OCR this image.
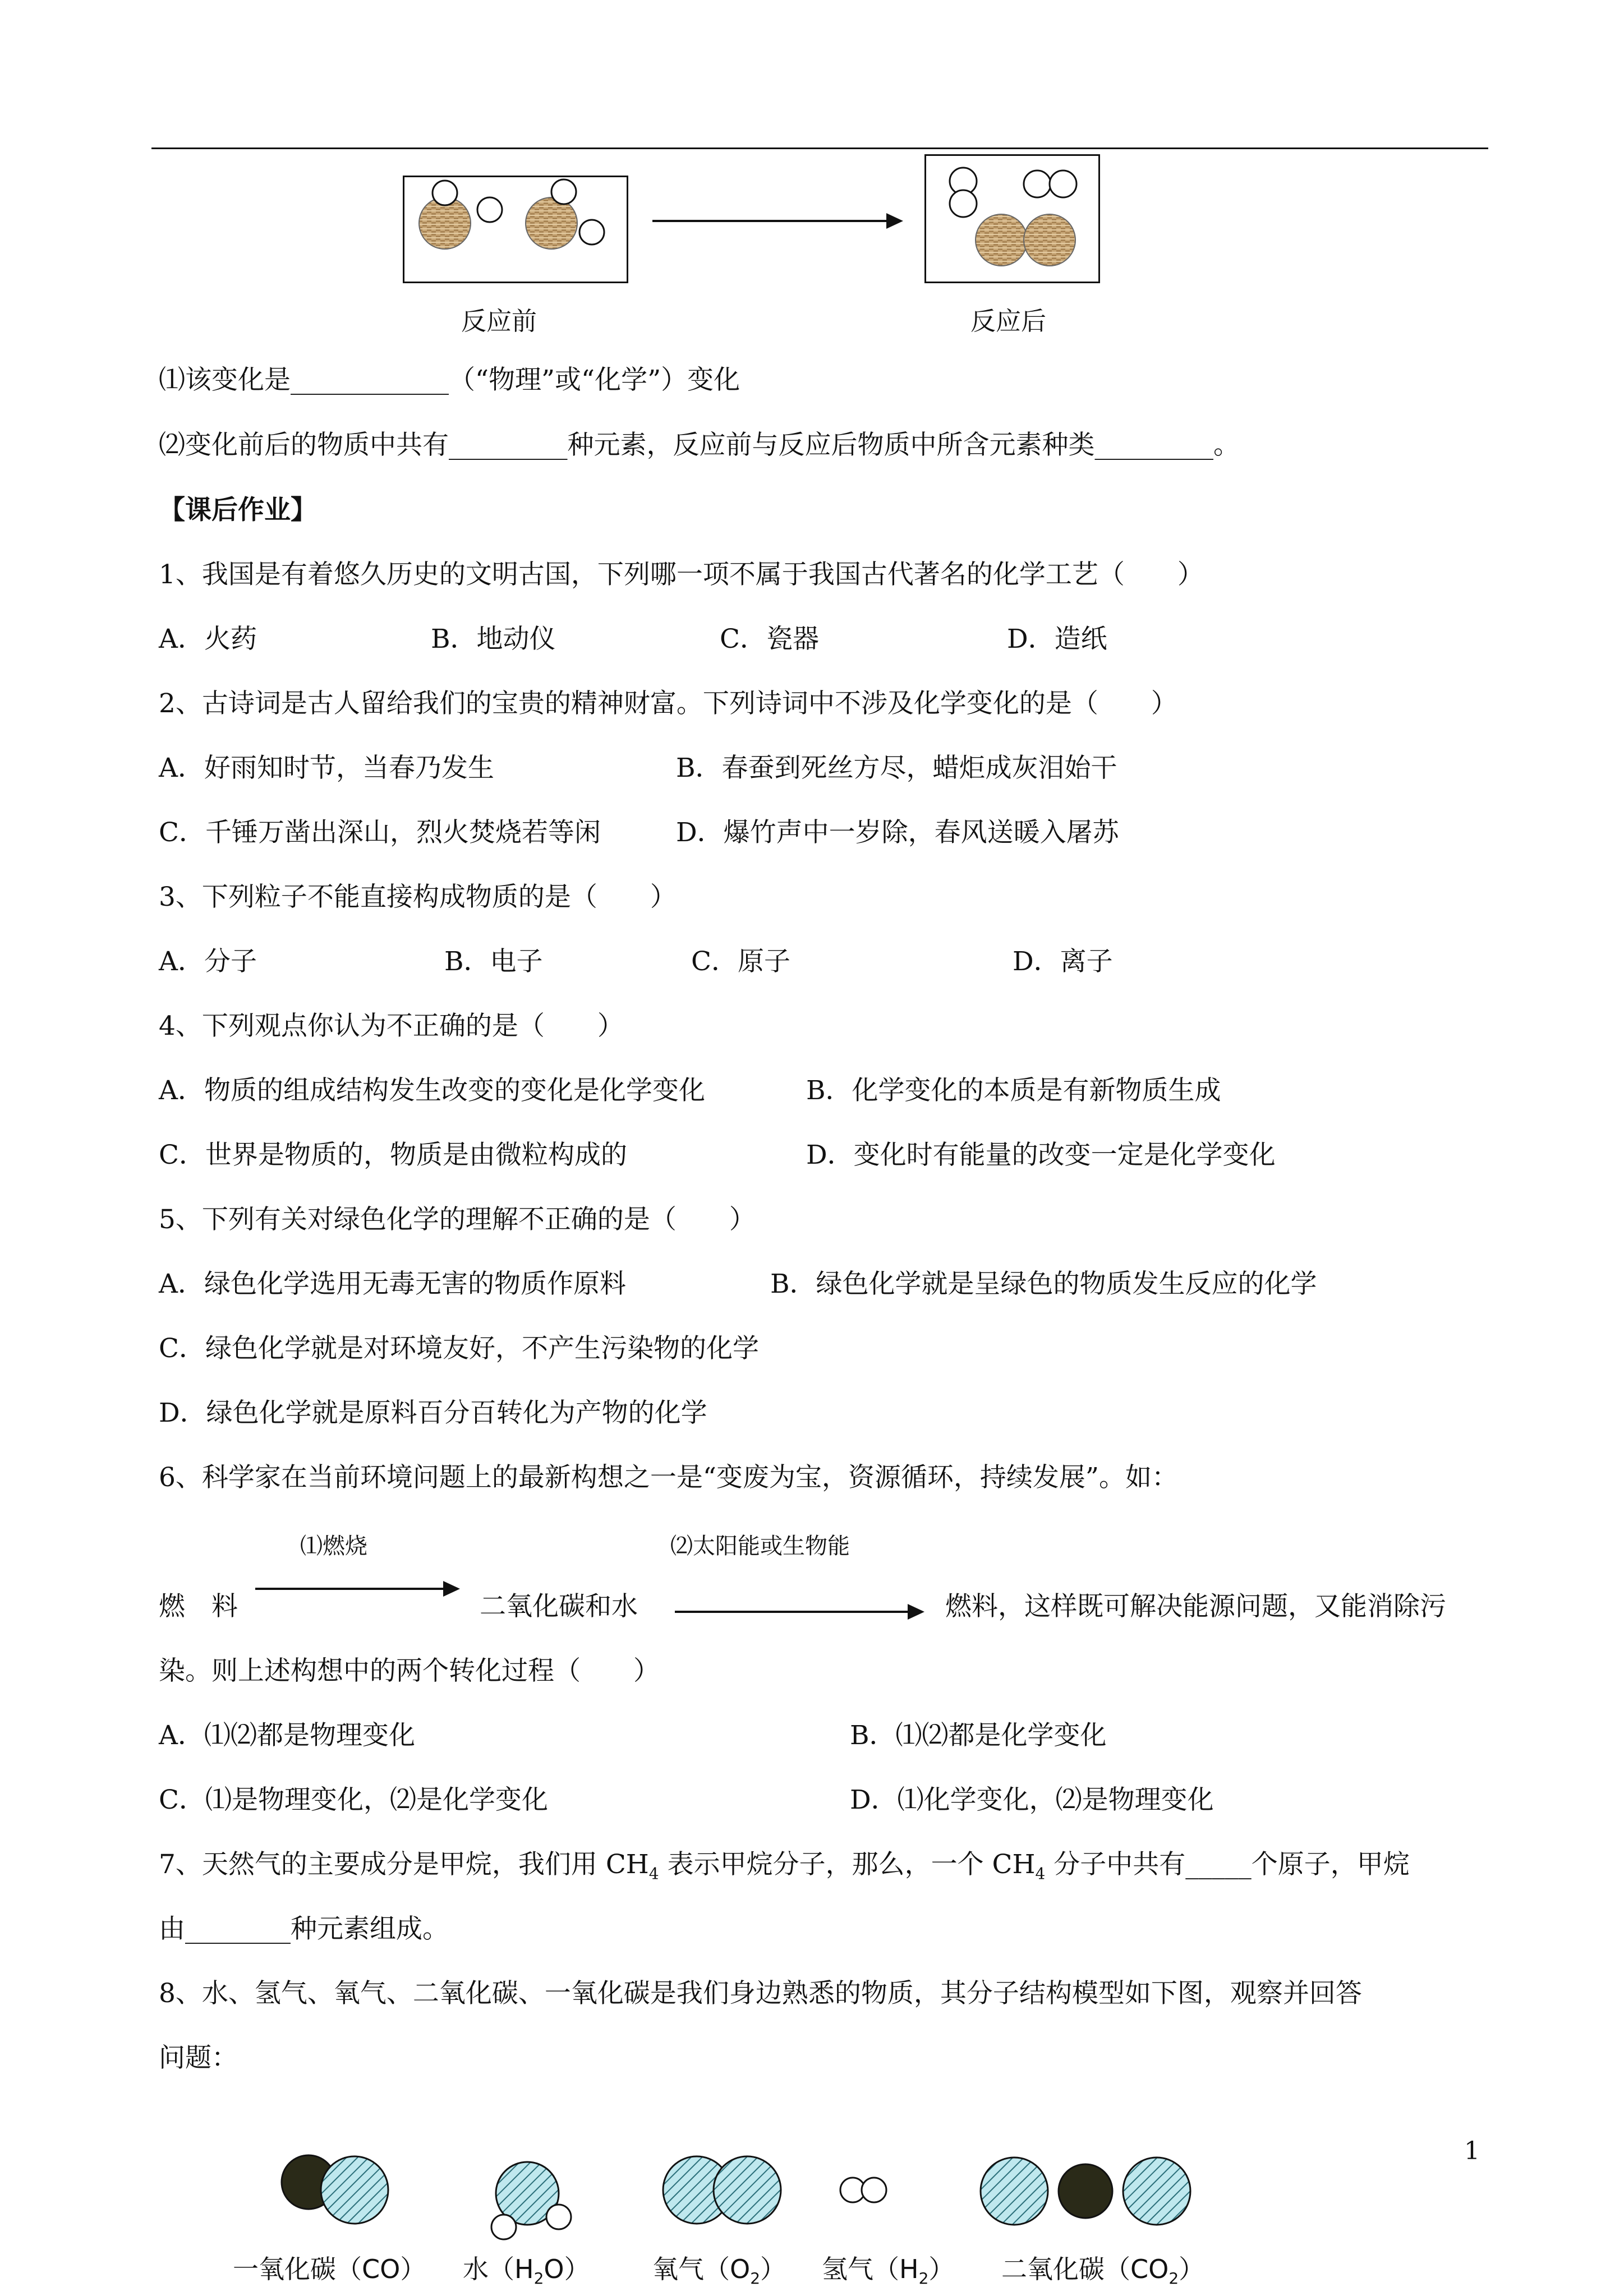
反应前	反应后
⑴该变化是____________（“物理”或“化学”）变化
⑵变化前后的物质中共有_________种元素，反应前与反应后物质中所含元素种类_________。
【课后作业】
1、我国是有着悠久历史的文明古国，下列哪一项不属于我国古代著名的化学工艺（　　）
A．火药	B．地动仪	C．瓷器	D．造纸
2、古诗词是古人留给我们的宝贵的精神财富。下列诗词中不涉及化学变化的是（　　）
A．好雨知时节，当春乃发生	B．春蚕到死丝方尽，蜡炬成灰泪始干
C．千锤万凿出深山，烈火焚烧若等闲	D．爆竹声中一岁除，春风送暖入屠苏
3、下列粒子不能直接构成物质的是（　　）
A．分子	B．电子	C．原子	D．离子
4、下列观点你认为不正确的是（　　）
A．物质的组成结构发生改变的变化是化学变化	B．化学变化的本质是有新物质生成
C．世界是物质的，物质是由微粒构成的	D．变化时有能量的改变一定是化学变化
5、下列有关对绿色化学的理解不正确的是（　　）
A．绿色化学选用无毒无害的物质作原料	B．绿色化学就是呈绿色的物质发生反应的化学
C．绿色化学就是对环境友好，不产生污染物的化学
D．绿色化学就是原料百分百转化为产物的化学
6、科学家在当前环境问题上的最新构想之一是“变废为宝，资源循环，持续发展”。如：
⑴燃烧	⑵太阳能或生物能
燃　料	二氧化碳和水	燃料，这样既可解决能源问题，又能消除污
染。则上述构想中的两个转化过程（　　）
A．⑴⑵都是物理变化	B．⑴⑵都是化学变化
C．⑴是物理变化，⑵是化学变化	D．⑴化学变化，⑵是物理变化
7、天然气的主要成分是甲烷，我们用 $CH_4$ 表示甲烷分子，那么，一个 $CH_4$ 分子中共有_____个原子，甲烷
由________种元素组成。
8、水、氢气、氧气、二氧化碳、一氧化碳是我们身边熟悉的物质，其分子结构模型如下图，观察并回答
问题：
一氧化碳（CO） 水$(H_2O)$ 氧气$(O_2)$ 氢气$(H_2)$ 二氧化碳$(CO_2)$
1
